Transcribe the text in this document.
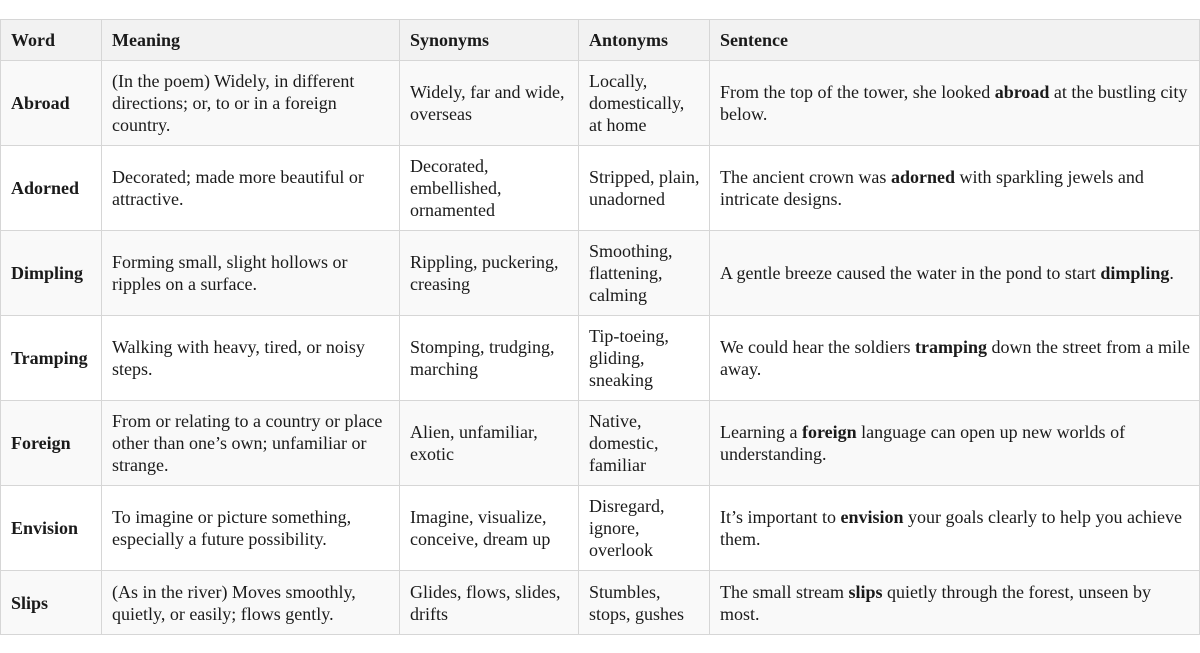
Word	Meaning	Synonyms	Antonyms	Sentence
Abroad	(In the poem) Widely, in different directions; or, to or in a foreign country.	Widely, far and wide, overseas	Locally, domestically, at home	From the top of the tower, she looked abroad at the bustling city below.
Adorned	Decorated; made more beautiful or attractive.	Decorated, embellished, ornamented	Stripped, plain, unadorned	The ancient crown was adorned with sparkling jewels and intricate designs.
Dimpling	Forming small, slight hollows or ripples on a surface.	Rippling, puckering, creasing	Smoothing, flattening, calming	A gentle breeze caused the water in the pond to start dimpling.
Tramping	Walking with heavy, tired, or noisy steps.	Stomping, trudging, marching	Tip-toeing, gliding, sneaking	We could hear the soldiers tramping down the street from a mile away.
Foreign	From or relating to a country or place other than one’s own; unfamiliar or strange.	Alien, unfamiliar, exotic	Native, domestic, familiar	Learning a foreign language can open up new worlds of understanding.
Envision	To imagine or picture something, especially a future possibility.	Imagine, visualize, conceive, dream up	Disregard, ignore, overlook	It’s important to envision your goals clearly to help you achieve them.
Slips	(As in the river) Moves smoothly, quietly, or easily; flows gently.	Glides, flows, slides, drifts	Stumbles, stops, gushes	The small stream slips quietly through the forest, unseen by most.
